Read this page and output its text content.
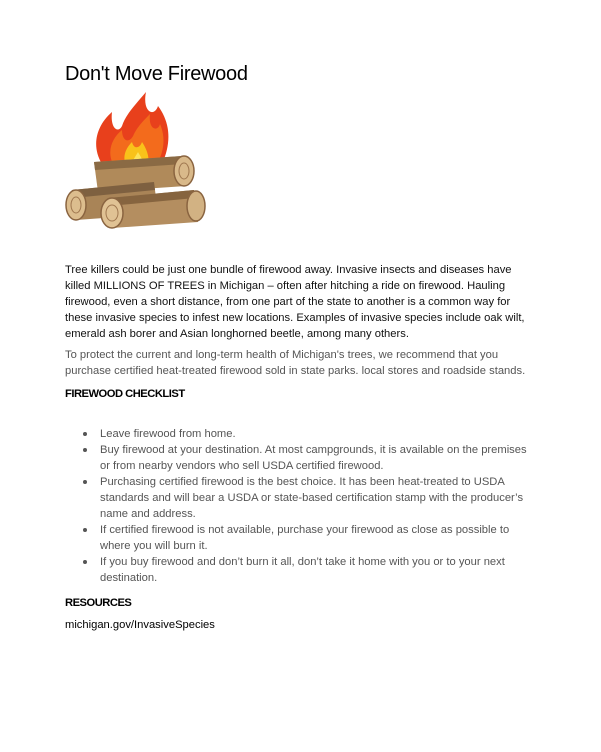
Don't Move Firewood

Tree killers could be just one bundle of firewood away. Invasive insects and diseases have killed MILLIONS OF TREES in Michigan – often after hitching a ride on firewood. Hauling firewood, even a short distance, from one part of the state to another is a common way for these invasive species to infest new locations. Examples of invasive species include oak wilt, emerald ash borer and Asian longhorned beetle, among many others.

To protect the current and long-term health of Michigan's trees, we recommend that you purchase certified heat-treated firewood sold in state parks. local stores and roadside stands.

FIREWOOD CHECKLIST
Leave firewood from home.
Buy firewood at your destination. At most campgrounds, it is available on the premises or from nearby vendors who sell USDA certified firewood.
Purchasing certified firewood is the best choice. It has been heat-treated to USDA standards and will bear a USDA or state-based certification stamp with the producer’s name and address.
If certified firewood is not available, purchase your firewood as close as possible to where you will burn it.
If you buy firewood and don’t burn it all, don’t take it home with you or to your next destination.
RESOURCES
michigan.gov/InvasiveSpecies
